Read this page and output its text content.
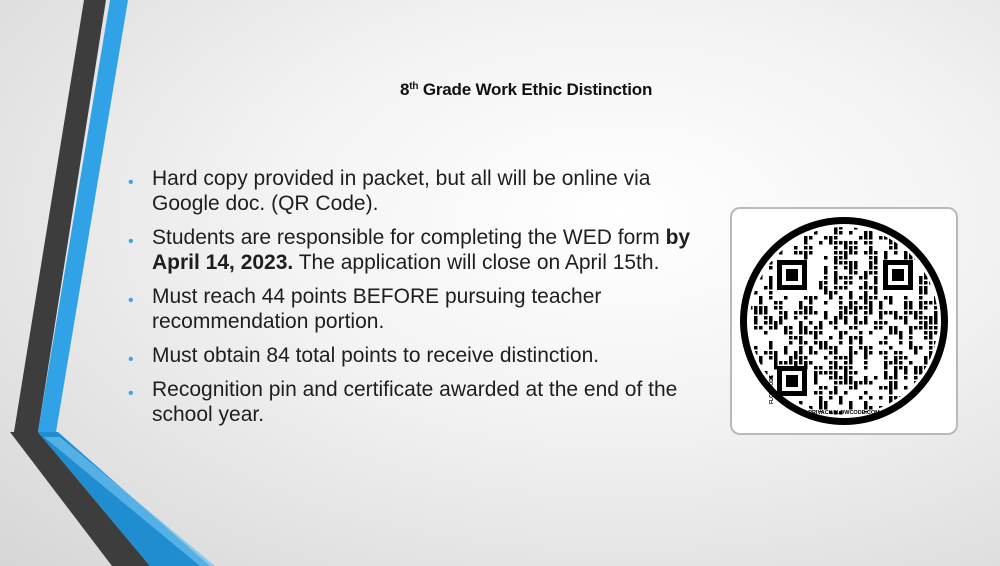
8th Grade Work Ethic Distinction
• Hard copy provided in packet, but all will be online via Google doc. (QR Code).
• Students are responsible for completing the WED form by April 14, 2023. The application will close on April 15th.
• Must reach 44 points BEFORE pursuing teacher recommendation portion.
• Must obtain 84 total points to receive distinction.
• Recognition pin and certificate awarded at the end of the school year.
FLOWCODE
PRIVACY.FLOWCODE.COM
